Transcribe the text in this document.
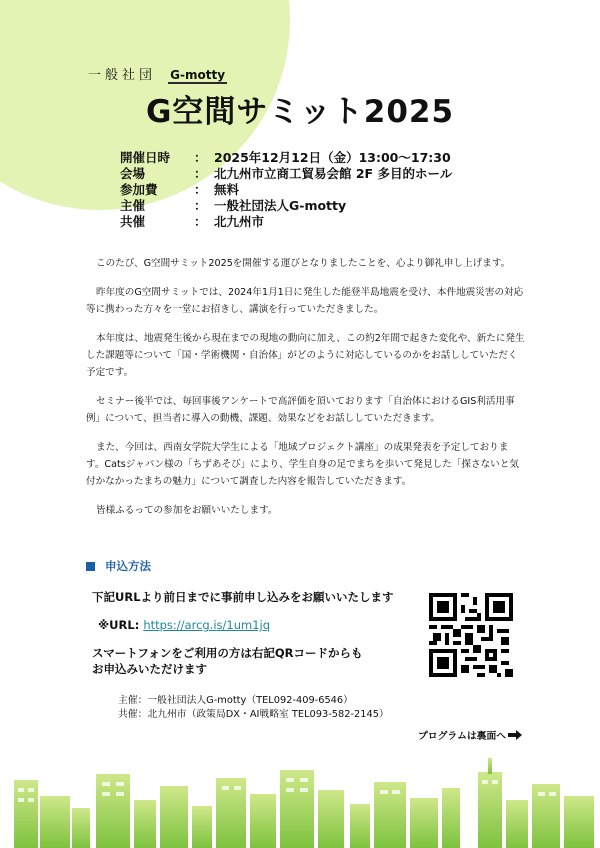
一般社団 G-motty
G空間サミット2025
開催日時	： 2025年12月12日（金）13:00〜17:30
会場	： 北九州市立商工貿易会館 2F 多目的ホール
参加費	： 無料
主催	： 一般社団法人G-motty
共催	： 北九州市

このたび、G空間サミット2025を開催する運びとなりましたことを、心より御礼申し上げます。

昨年度のG空間サミットでは、2024年1月1日に発生した能登半島地震を受け、本件地震災害の対応等に携わった方々を一堂にお招きし、講演を行っていただきました。

本年度は、地震発生後から現在までの現地の動向に加え、この約2年間で起きた変化や、新たに発生した課題等について「国・学術機関・自治体」がどのように対応しているのかをお話ししていただく予定です。

セミナー後半では、毎回事後アンケートで高評価を頂いております「自治体におけるGIS利活用事例」について、担当者に導入の動機、課題、効果などをお話ししていただきます。

また、今回は、西南女学院大学生による「地域プロジェクト講座」の成果発表を予定しております。Catsジャパン様の「ちずあそび」により、学生自身の足でまちを歩いて発見した「探さないと気付かなかったまちの魅力」について調査した内容を報告していただきます。

皆様ふるっての参加をお願いいたします。

申込方法
下記URLより前日までに事前申し込みをお願いいたします
※URL: https://arcg.is/1um1jq
スマートフォンをご利用の方は右記QRコードからも
お申込みいただけます
主催：一般社団法人G-motty（TEL092-409-6546）
共催：北九州市（政策局DX・AI戦略室 TEL093-582-2145）
プログラムは裏面へ
